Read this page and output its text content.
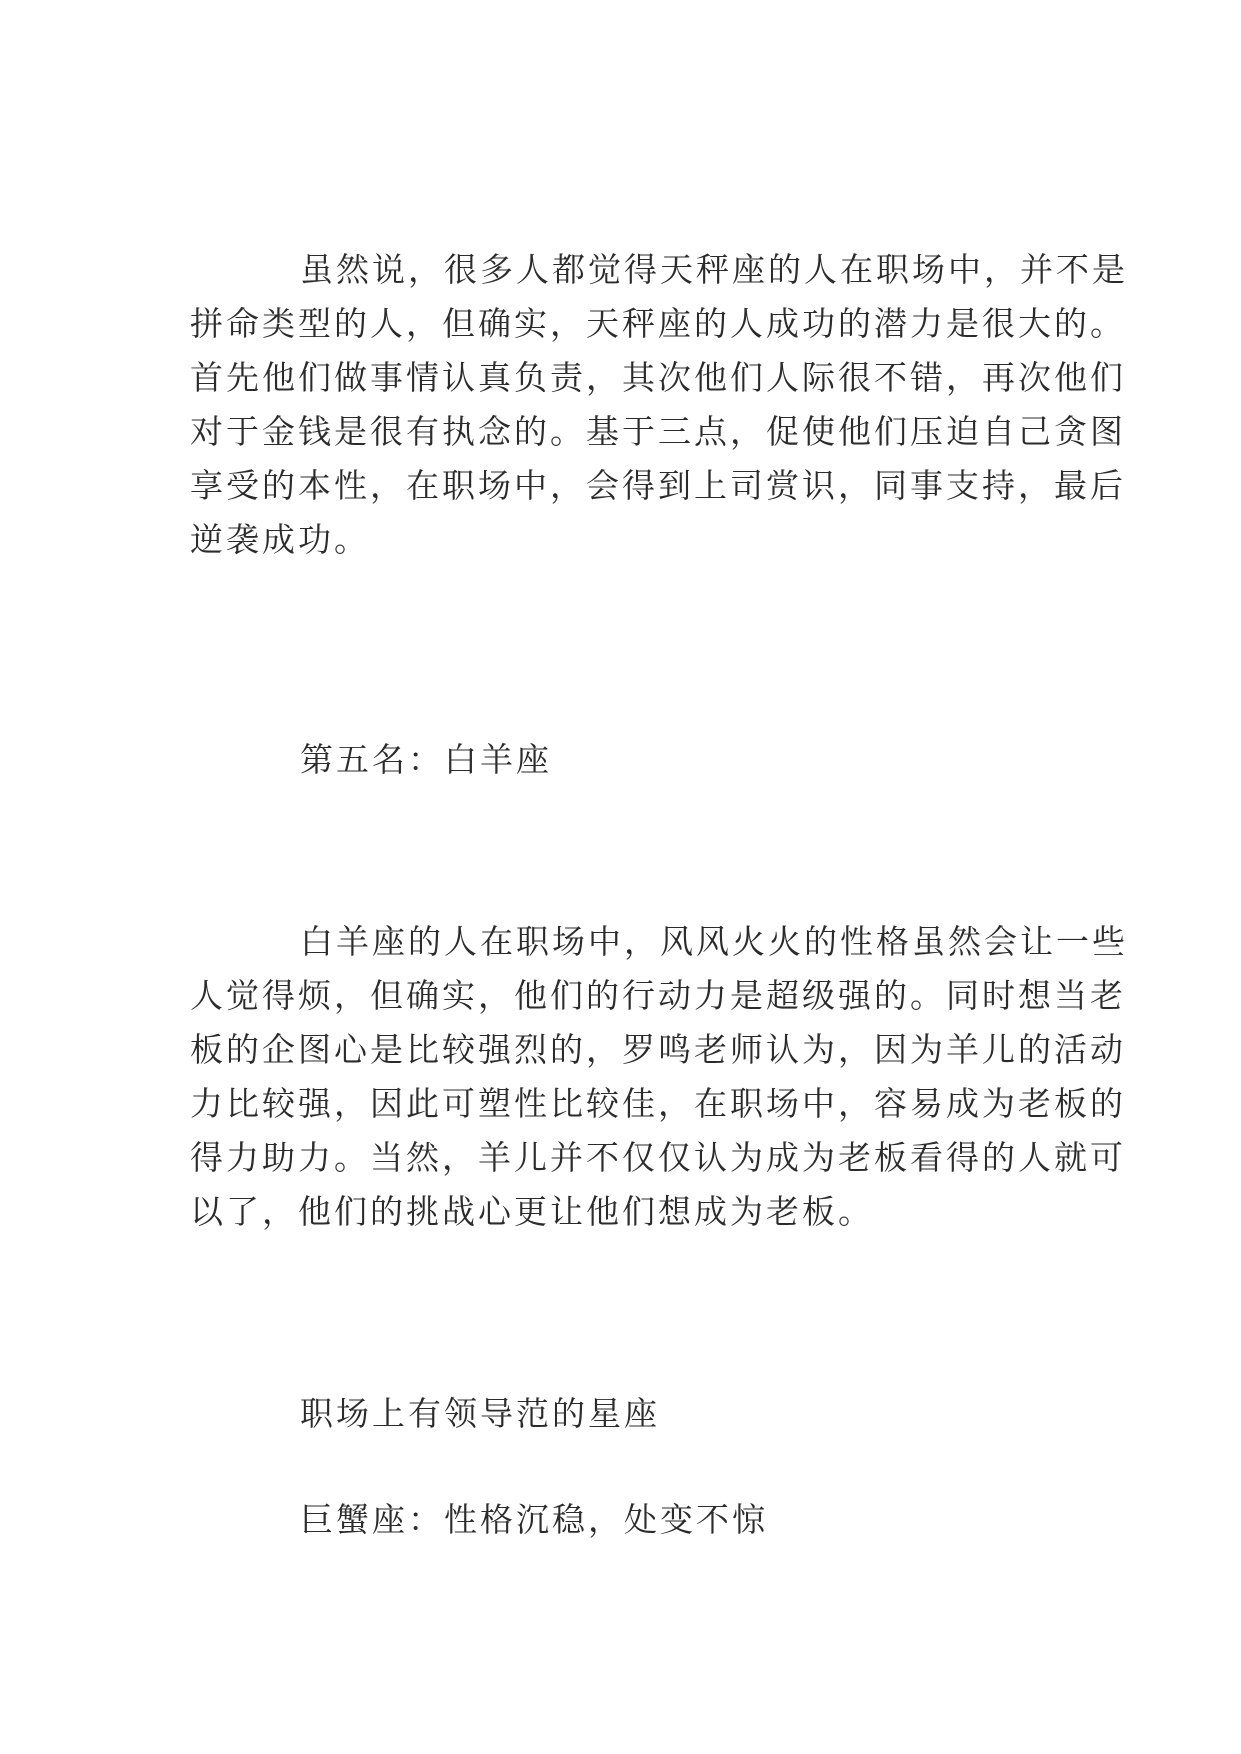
虽然说，很多人都觉得天秤座的人在职场中，并不是
拼命类型的人，但确实，天秤座的人成功的潜力是很大的。
首先他们做事情认真负责，其次他们人际很不错，再次他们
对于金钱是很有执念的。基于三点，促使他们压迫自己贪图
享受的本性，在职场中，会得到上司赏识，同事支持，最后
逆袭成功。
第五名：白羊座
白羊座的人在职场中，风风火火的性格虽然会让一些
人觉得烦，但确实，他们的行动力是超级强的。同时想当老
板的企图心是比较强烈的，罗鸣老师认为，因为羊儿的活动
力比较强，因此可塑性比较佳，在职场中，容易成为老板的
得力助力。当然，羊儿并不仅仅认为成为老板看得的人就可
以了，他们的挑战心更让他们想成为老板。
职场上有领导范的星座
巨蟹座：性格沉稳，处变不惊
